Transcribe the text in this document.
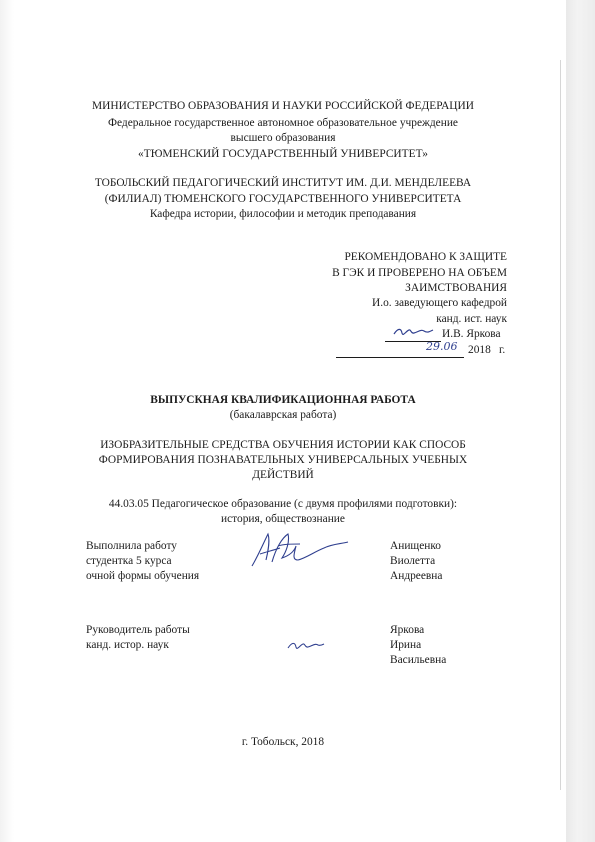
МИНИСТЕРСТВО ОБРАЗОВАНИЯ И НАУКИ РОССИЙСКОЙ ФЕДЕРАЦИИ
Федеральное государственное автономное образовательное учреждение
высшего образования
«ТЮМЕНСКИЙ ГОСУДАРСТВЕННЫЙ УНИВЕРСИТЕТ»
ТОБОЛЬСКИЙ ПЕДАГОГИЧЕСКИЙ ИНСТИТУТ ИМ. Д.И. МЕНДЕЛЕЕВА
(ФИЛИАЛ) ТЮМЕНСКОГО ГОСУДАРСТВЕННОГО УНИВЕРСИТЕТА
Кафедра истории, философии и методик преподавания
РЕКОМЕНДОВАНО К ЗАЩИТЕ
В ГЭК И ПРОВЕРЕНО НА ОБЪЕМ
ЗАИМСТВОВАНИЯ
И.о. заведующего кафедрой
канд. ист. наук
И.В. Яркова
29.06 2018 г.
ВЫПУСКНАЯ КВАЛИФИКАЦИОННАЯ РАБОТА
(бакалаврская работа)
ИЗОБРАЗИТЕЛЬНЫЕ СРЕДСТВА ОБУЧЕНИЯ ИСТОРИИ КАК СПОСОБ
ФОРМИРОВАНИЯ ПОЗНАВАТЕЛЬНЫХ УНИВЕРСАЛЬНЫХ УЧЕБНЫХ
ДЕЙСТВИЙ
44.03.05 Педагогическое образование (с двумя профилями подготовки):
история, обществознание
Выполнила работу
студентка 5 курса
очной формы обучения
Анищенко
Виолетта
Андреевна
Руководитель работы
канд. истор. наук
Яркова
Ирина
Васильевна
г. Тобольск, 2018
